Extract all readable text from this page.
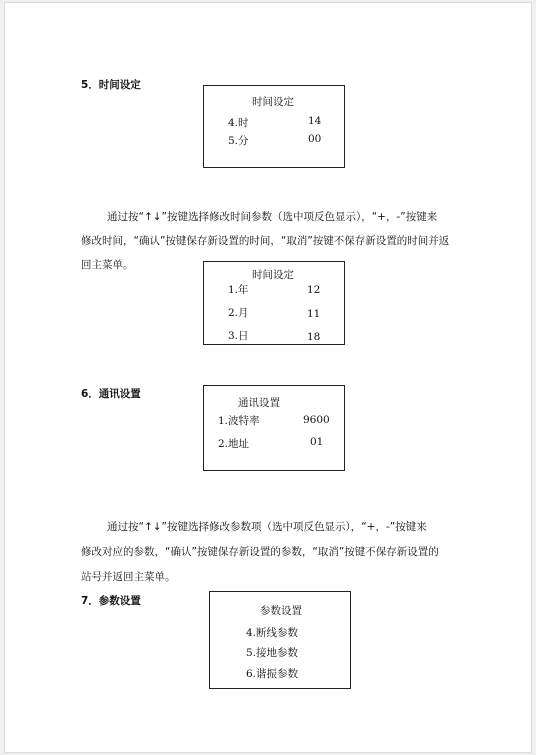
5．时间设定
时间设定
4.时	14
5.分	00
通过按“↑↓”按键选择修改时间参数（选中项反色显示），“+，-”按键来
修改时间，“确认”按键保存新设置的时间，“取消”按键不保存新设置的时间并返
回主菜单。
时间设定
1.年	12
2.月	11
3.日	18
6．通讯设置
通讯设置
1.波特率	9600
2.地址	01
通过按“↑↓”按键选择修改参数项（选中项反色显示），“+，-”按键来
修改对应的参数，“确认”按键保存新设置的参数，“取消”按键不保存新设置的
站号并返回主菜单。
7．参数设置
参数设置
4.断线参数
5.接地参数
6.谐振参数
